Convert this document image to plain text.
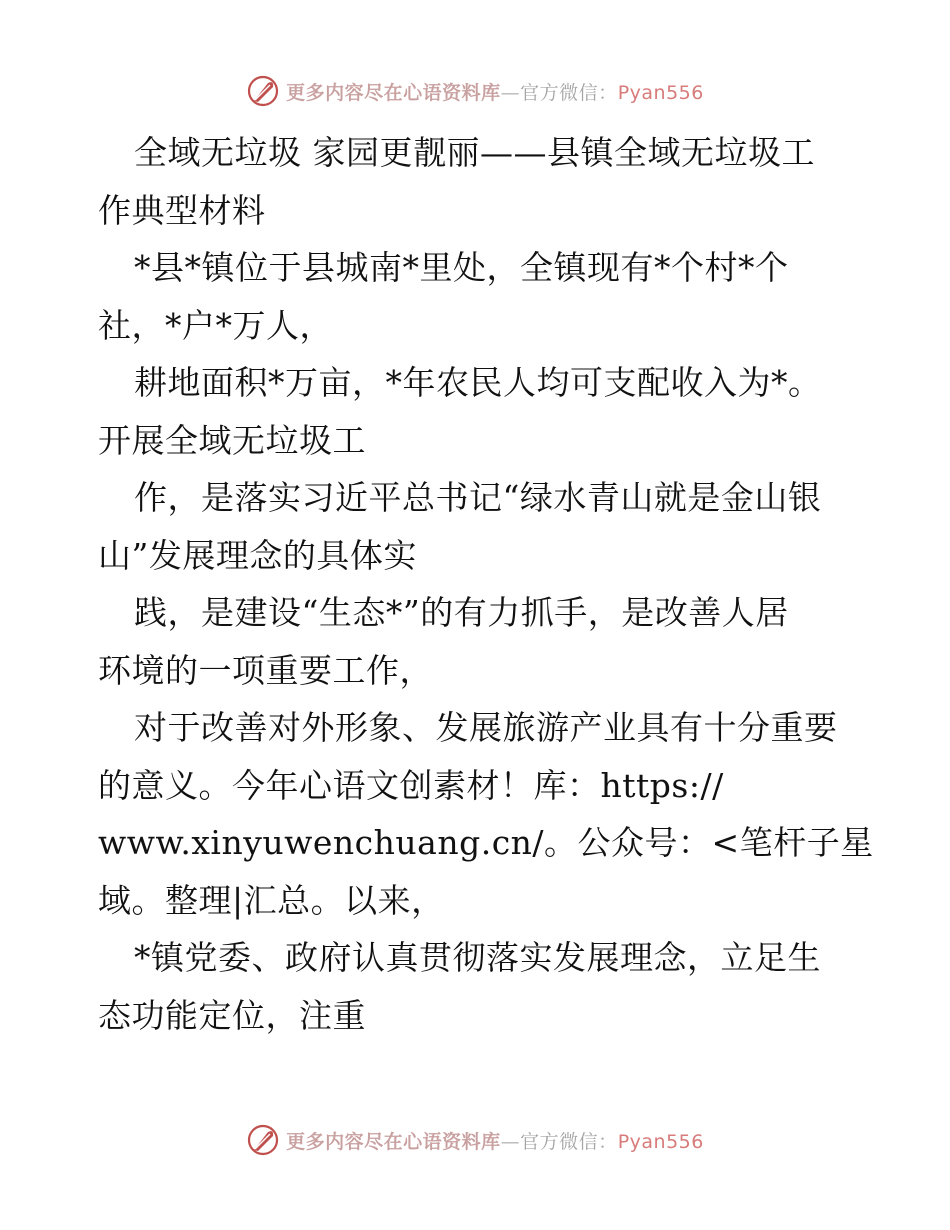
更多内容尽在心语资料库—官方微信：Pyan556
全域无垃圾 家园更靓丽——县镇全域无垃圾工
作典型材料
*县*镇位于县城南*里处，全镇现有*个村*个
社，*户*万人，
耕地面积*万亩，*年农民人均可支配收入为*。
开展全域无垃圾工
作，是落实习近平总书记“绿水青山就是金山银
山”发展理念的具体实
践，是建设“生态*”的有力抓手，是改善人居
环境的一项重要工作，
对于改善对外形象、发展旅游产业具有十分重要
的意义。今年心语文创素材！库：https://
www.xinyuwenchuang.cn/。公众号：<笔杆子星
域。整理|汇总。以来，
*镇党委、政府认真贯彻落实发展理念，立足生
态功能定位，注重
更多内容尽在心语资料库—官方微信：Pyan556
